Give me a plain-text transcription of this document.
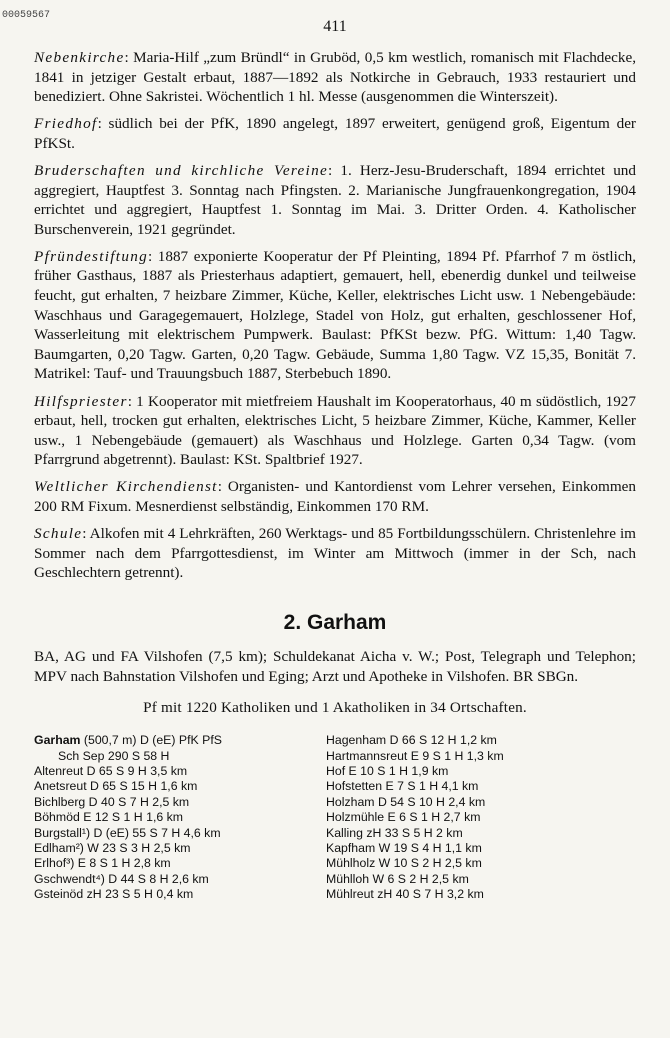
00059567
411

Nebenkirche: Maria-Hilf „zum Bründl“ in Gruböd, 0,5 km westlich, romanisch mit Flachdecke, 1841 in jetziger Gestalt erbaut, 1887—1892 als Notkirche in Gebrauch, 1933 restauriert und benediziert. Ohne Sakristei. Wöchentlich 1 hl. Messe (ausgenommen die Winterszeit).

Friedhof: südlich bei der PfK, 1890 angelegt, 1897 erweitert, genügend groß, Eigentum der PfKSt.

Bruderschaften und kirchliche Vereine: 1. Herz-Jesu-Bruderschaft, 1894 errichtet und aggregiert, Hauptfest 3. Sonntag nach Pfingsten. 2. Marianische Jungfrauenkongregation, 1904 errichtet und aggregiert, Hauptfest 1. Sonntag im Mai. 3. Dritter Orden. 4. Katholischer Burschenverein, 1921 gegründet.

Pfründestiftung: 1887 exponierte Kooperatur der Pf Pleinting, 1894 Pf. Pfarrhof 7 m östlich, früher Gasthaus, 1887 als Priesterhaus adaptiert, gemauert, hell, ebenerdig dunkel und teilweise feucht, gut erhalten, 7 heizbare Zimmer, Küche, Keller, elektrisches Licht usw. 1 Nebengebäude: Waschhaus und Garagegemauert, Holzlege, Stadel von Holz, gut erhalten, geschlossener Hof, Wasserleitung mit elektrischem Pumpwerk. Baulast: PfKSt bezw. PfG. Wittum: 1,40 Tagw. Baumgarten, 0,20 Tagw. Garten, 0,20 Tagw. Gebäude, Summa 1,80 Tagw. VZ 15,35, Bonität 7. Matrikel: Tauf- und Trauungsbuch 1887, Sterbebuch 1890.

Hilfspriester: 1 Kooperator mit mietfreiem Haushalt im Kooperatorhaus, 40 m südöstlich, 1927 erbaut, hell, trocken gut erhalten, elektrisches Licht, 5 heizbare Zimmer, Küche, Kammer, Keller usw., 1 Nebengebäude (gemauert) als Waschhaus und Holzlege. Garten 0,34 Tagw. (vom Pfarrgrund abgetrennt). Baulast: KSt. Spaltbrief 1927.

Weltlicher Kirchendienst: Organisten- und Kantordienst vom Lehrer versehen, Einkommen 200 RM Fixum. Mesnerdienst selbständig, Einkommen 170 RM.

Schule: Alkofen mit 4 Lehrkräften, 260 Werktags- und 85 Fortbildungsschülern. Christenlehre im Sommer nach dem Pfarrgottesdienst, im Winter am Mittwoch (immer in der Sch, nach Geschlechtern getrennt).

2. Garham

BA, AG und FA Vilshofen (7,5 km); Schuldekanat Aicha v. W.; Post, Telegraph und Telephon; MPV nach Bahnstation Vilshofen und Eging; Arzt und Apotheke in Vilshofen. BR SBGn.

Pf mit 1220 Katholiken und 1 Akatholiken in 34 Ortschaften.
Garham (500,7 m) D (eE) PfK PfS
Sch Sep 290 S 58 H
Altenreut D 65 S 9 H 3,5 km
Anetsreut D 65 S 15 H 1,6 km
Bichlberg D 40 S 7 H 2,5 km
Böhmöd E 12 S 1 H 1,6 km
Burgstall¹) D (eE) 55 S 7 H 4,6 km
Edlham²) W 23 S 3 H 2,5 km
Erlhof³) E 8 S 1 H 2,8 km
Gschwendt⁴) D 44 S 8 H 2,6 km
Gsteinöd zH 23 S 5 H 0,4 km
Hagenham D 66 S 12 H 1,2 km
Hartmannsreut E 9 S 1 H 1,3 km
Hof E 10 S 1 H 1,9 km
Hofstetten E 7 S 1 H 4,1 km
Holzham D 54 S 10 H 2,4 km
Holzmühle E 6 S 1 H 2,7 km
Kalling zH 33 S 5 H 2 km
Kapfham W 19 S 4 H 1,1 km
Mühlholz W 10 S 2 H 2,5 km
Mühlloh W 6 S 2 H 2,5 km
Mühlreut zH 40 S 7 H 3,2 km
